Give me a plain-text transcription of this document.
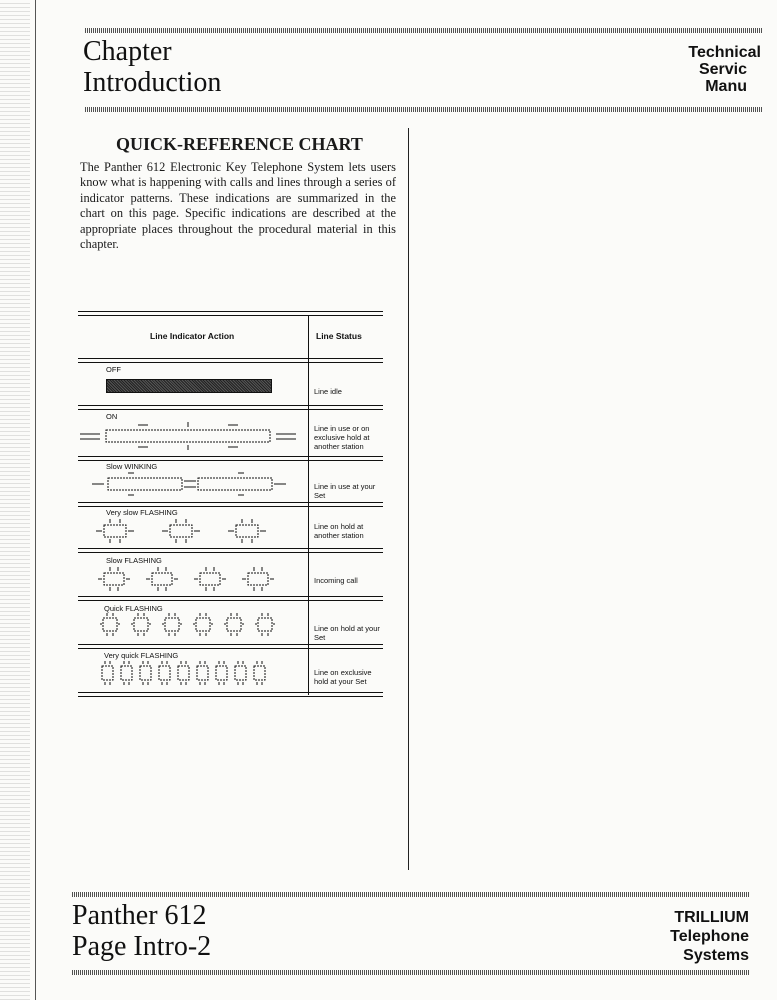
Chapter
Introduction
Technical
Servic
Manu
QUICK-REFERENCE CHART
The Panther 612 Electronic Key Telephone System lets users know what is happening with calls and lines through a series of indicator patterns. These indications are summarized in the chart on this page. Specific indications are described at the appropriate places throughout the procedural material in this chapter.
Line Indicator Action	Line Status
OFF
Line idle
ON
Line in use or on exclusive hold at another station
Slow WINKING
Line in use at your Set
Very slow FLASHING
Line on hold at another station
Slow FLASHING
Incoming call
Quick FLASHING
Line on hold at your Set
Very quick FLASHING
Line on exclusive hold at your Set
Panther 612
Page Intro-2
TRILLIUM
Telephone
Systems
